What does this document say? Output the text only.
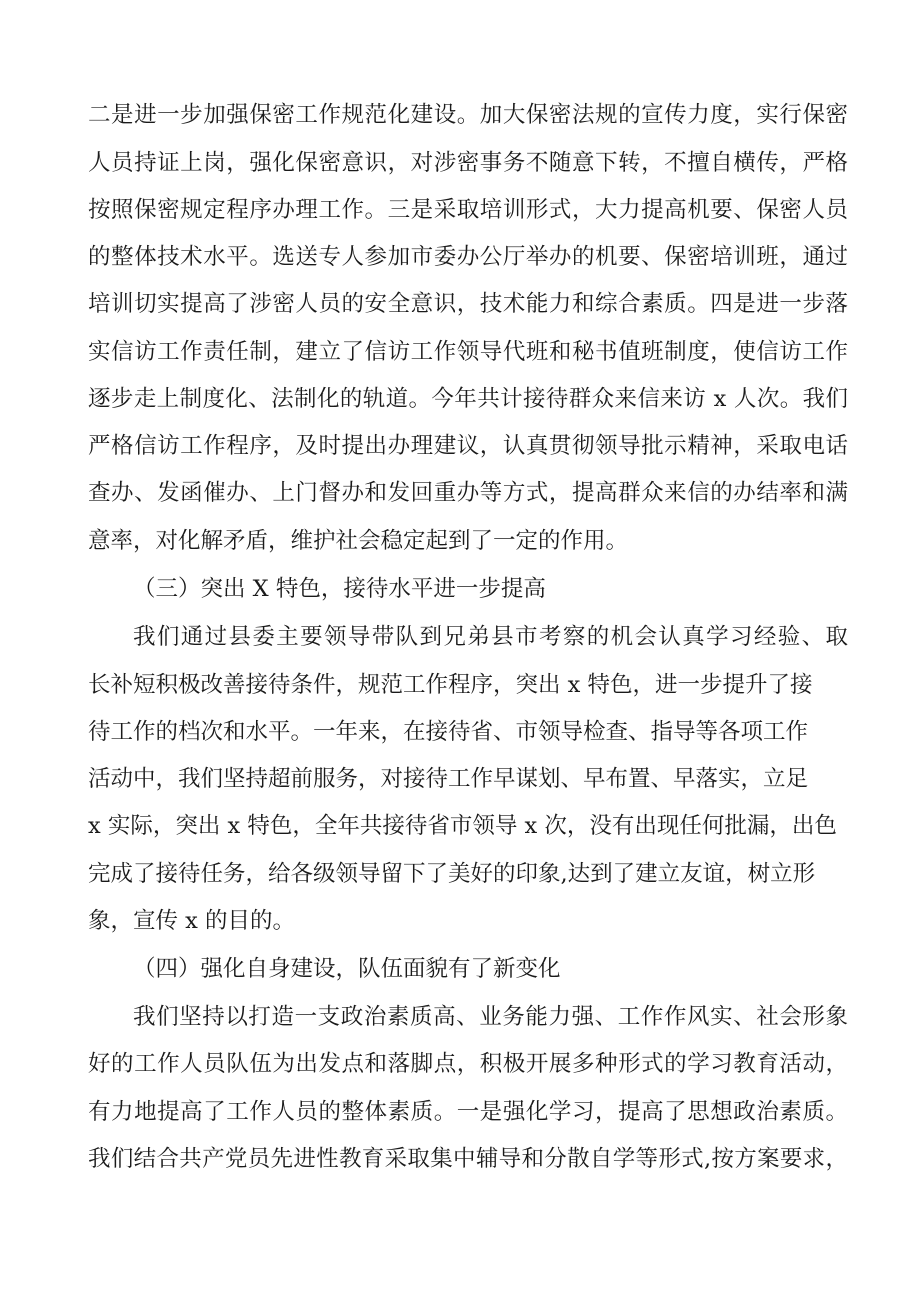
二是进一步加强保密工作规范化建设。加大保密法规的宣传力度，实行保密
人员持证上岗，强化保密意识，对涉密事务不随意下转，不擅自横传，严格
按照保密规定程序办理工作。三是采取培训形式，大力提高机要、保密人员
的整体技术水平。选送专人参加市委办公厅举办的机要、保密培训班，通过
培训切实提高了涉密人员的安全意识，技术能力和综合素质。四是进一步落
实信访工作责任制，建立了信访工作领导代班和秘书值班制度，使信访工作
逐步走上制度化、法制化的轨道。今年共计接待群众来信来访 x 人次。我们
严格信访工作程序，及时提出办理建议，认真贯彻领导批示精神，采取电话
查办、发函催办、上门督办和发回重办等方式，提高群众来信的办结率和满
意率，对化解矛盾，维护社会稳定起到了一定的作用。
（三）突出 X 特色，接待水平进一步提高
我们通过县委主要领导带队到兄弟县市考察的机会认真学习经验、取
长补短积极改善接待条件，规范工作程序，突出 x 特色，进一步提升了接
待工作的档次和水平。一年来，在接待省、市领导检查、指导等各项工作
活动中，我们坚持超前服务，对接待工作早谋划、早布置、早落实，立足
x 实际，突出 x 特色，全年共接待省市领导 x 次，没有出现任何批漏，出色
完成了接待任务，给各级领导留下了美好的印象,达到了建立友谊，树立形
象，宣传 x 的目的。
（四）强化自身建设，队伍面貌有了新变化
我们坚持以打造一支政治素质高、业务能力强、工作作风实、社会形象
好的工作人员队伍为出发点和落脚点，积极开展多种形式的学习教育活动，
有力地提高了工作人员的整体素质。一是强化学习，提高了思想政治素质。
我们结合共产党员先进性教育采取集中辅导和分散自学等形式,按方案要求，
